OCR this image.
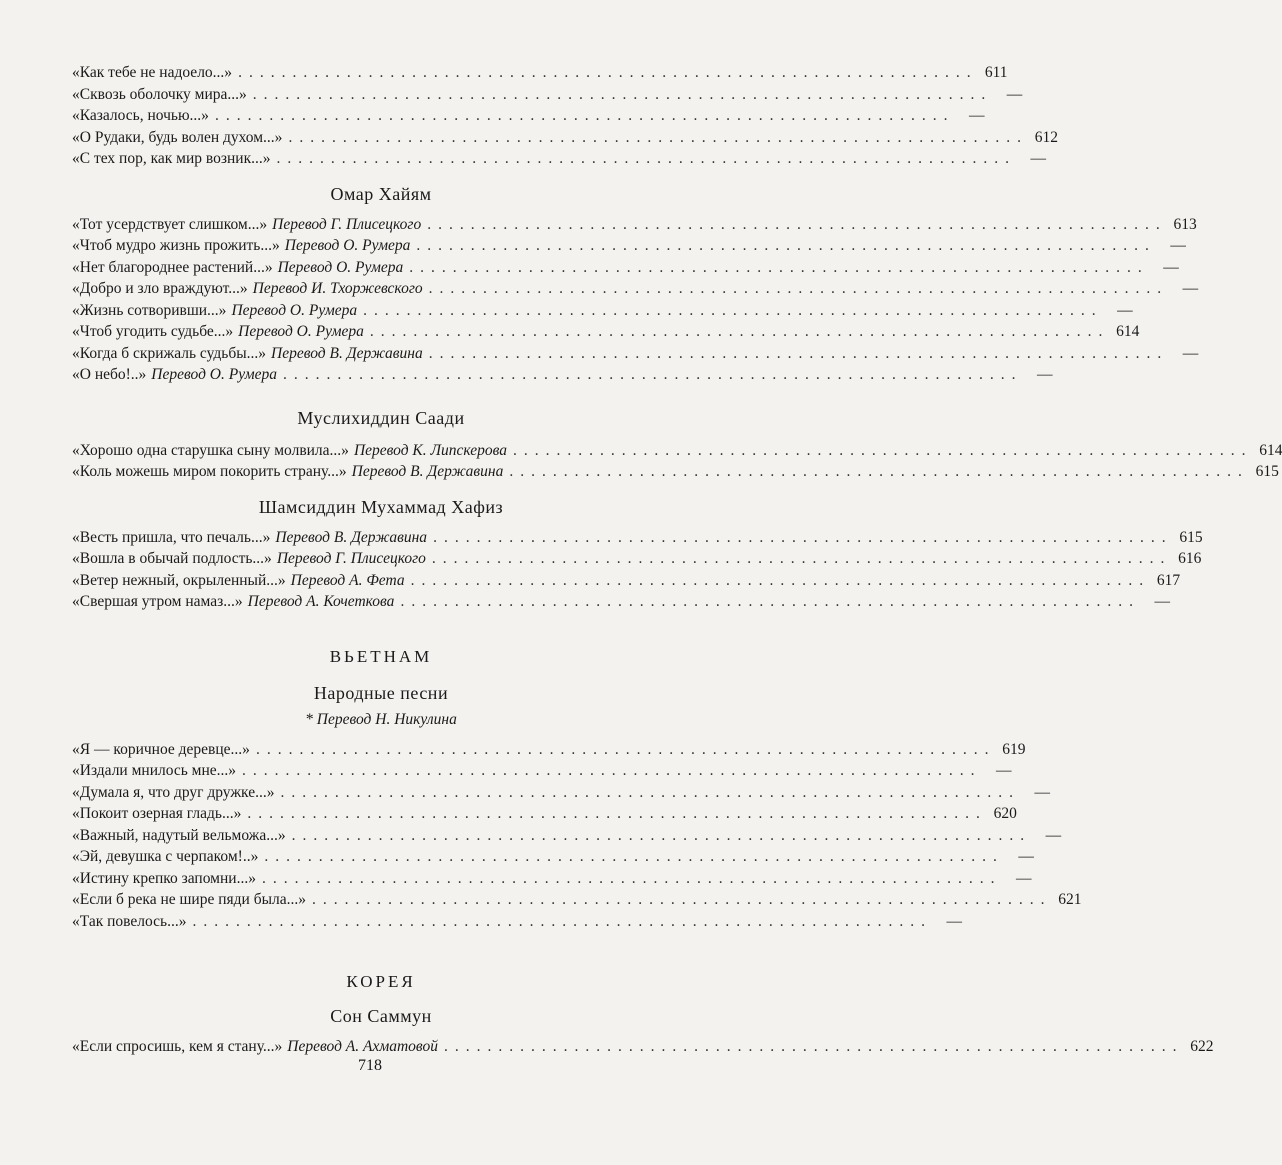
«Как тебе не надоело...» .................................................................... 611
«Сквозь оболочку мира...» .................................................................... —
«Казалось, ночью...» .................................................................... —
«О Рудаки, будь волен духом...» .................................................................... 612
«С тех пор, как мир возник...» .................................................................... —
Омар Хайям
«Тот усердствует слишком...» Перевод Г. Плисецкого .................................................................... 613
«Чтоб мудро жизнь прожить...» Перевод О. Румера .................................................................... —
«Нет благороднее растений...» Перевод О. Румера .................................................................... —
«Добро и зло враждуют...» Перевод И. Тхоржевского .................................................................... —
«Жизнь сотворивши...» Перевод О. Румера .................................................................... —
«Чтоб угодить судьбе...» Перевод О. Румера .................................................................... 614
«Когда б скрижаль судьбы...» Перевод В. Державина .................................................................... —
«О небо!..» Перевод О. Румера .................................................................... —
Муслихиддин Саади
«Хорошо одна старушка сыну молвила...» Перевод К. Липскерова .................................................................... 614
«Коль можешь миром покорить страну...» Перевод В. Державина .................................................................... 615
Шамсиддин Мухаммад Хафиз
«Весть пришла, что печаль...» Перевод В. Державина .................................................................... 615
«Вошла в обычай подлость...» Перевод Г. Плисецкого .................................................................... 616
«Ветер нежный, окрыленный...» Перевод А. Фета .................................................................... 617
«Свершая утром намаз...» Перевод А. Кочеткова .................................................................... —
ВЬЕТНАМ
Народные песни
* Перевод Н. Никулина
«Я — коричное деревце...» .................................................................... 619
«Издали мнилось мне...» .................................................................... —
«Думала я, что друг дружке...» .................................................................... —
«Покоит озерная гладь...» .................................................................... 620
«Важный, надутый вельможа...» .................................................................... —
«Эй, девушка с черпаком!..» .................................................................... —
«Истину крепко запомни...» .................................................................... —
«Если б река не шире пяди была...» .................................................................... 621
«Так повелось...» .................................................................... —
КОРЕЯ
Сон Саммун
«Если спросишь, кем я стану...» Перевод А. Ахматовой .................................................................... 622
718
